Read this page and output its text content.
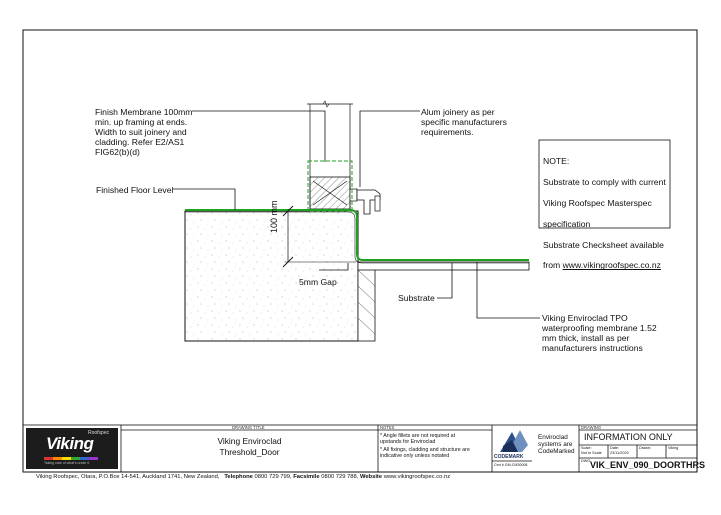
Finish Membrane 100mm
min. up framing at ends.
Width to suit joinery and
cladding. Refer E2/AS1
FIG62(b)(d)
Finished Floor Level
100 mm
5mm Gap
Alum joinery as per
specific manufacturers
requirements.
Substrate
Viking Enviroclad TPO
waterproofing membrane 1.52
mm thick, install as per
manufacturers instructions

NOTE:

Substrate to comply with current

Viking Roofspec Masterspec

specification

Substrate Checksheet available

from www.vikingroofspec.co.nz

Viking
Roofspec
Taking care of what's under it
DRAWING TITLE
Viking Enviroclad
Threshold_Door
NOTES
* Angle fillets are not required at
upstands for Enviroclad
* All fixings, cladding and structure are
indicative only unless notated	CODEMARK
Cert # GM-CM30008
Enviroclad
systems are
CodeMarked
DRAWING
INFORMATION ONLY
Scale:
Not to Scale
Date:
23/11/2020
Drawn:	Viking
DWG VIK_ENV_090_DOORTHRS
Viking Roofspec, Otara, P.O.Box 14-541, Auckland 1741, New Zealand, Telephone 0800 729 799, Facsimile 0800 729 788, Website www.vikingroofspec.co.nz
